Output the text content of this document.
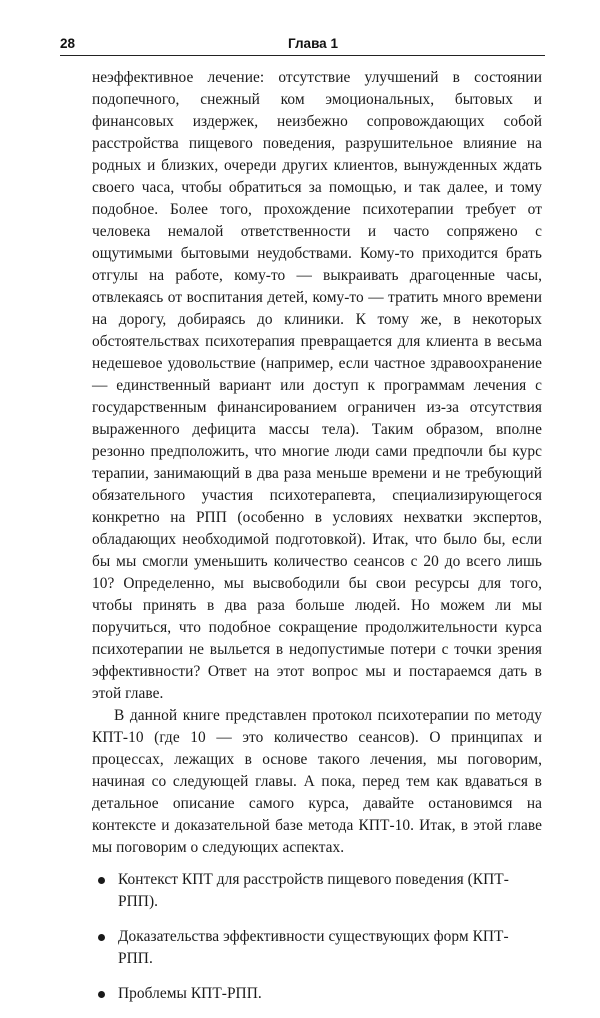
28	Глава 1

неэффективное лечение: отсутствие улучшений в состоянии подопечного, снежный ком эмоциональных, бытовых и финансовых издержек, неизбежно сопровождающих собой расстройства пищевого поведения, разрушительное влияние на родных и близких, очереди других клиентов, вынужденных ждать своего часа, чтобы обратиться за помощью, и так далее, и тому подобное. Более того, прохождение психотерапии требует от человека немалой ответственности и часто сопряжено с ощутимыми бытовыми неудобствами. Кому-то приходится брать отгулы на работе, кому-то — выкраивать драгоценные часы, отвлекаясь от воспитания детей, кому-то — тратить много времени на дорогу, добираясь до клиники. К тому же, в некоторых обстоятельствах психотерапия превращается для клиента в весьма недешевое удовольствие (например, если частное здравоохранение — единственный вариант или доступ к программам лечения с государственным финансированием ограничен из-за отсутствия выраженного дефицита массы тела). Таким образом, вполне резонно предположить, что многие люди сами предпочли бы курс терапии, занимающий в два раза меньше времени и не требующий обязательного участия психотерапевта, специализирующегося конкретно на РПП (особенно в условиях нехватки экспертов, обладающих необходимой подготовкой). Итак, что было бы, если бы мы смогли уменьшить количество сеансов с 20 до всего лишь 10? Определенно, мы высвободили бы свои ресурсы для того, чтобы принять в два раза больше людей. Но можем ли мы поручиться, что подобное сокращение продолжительности курса психотерапии не выльется в недопустимые потери с точки зрения эффективности? Ответ на этот вопрос мы и постараемся дать в этой главе.

В данной книге представлен протокол психотерапии по методу КПТ-10 (где 10 — это количество сеансов). О принципах и процессах, лежащих в основе такого лечения, мы поговорим, начиная со следующей главы. А пока, перед тем как вдаваться в детальное описание самого курса, давайте остановимся на контексте и доказательной базе метода КПТ-10. Итак, в этой главе мы поговорим о следующих аспектах.

Контекст КПТ для расстройств пищевого поведения (КПТ-РПП).
Доказательства эффективности существующих форм КПТ-РПП.
Проблемы КПТ-РПП.
